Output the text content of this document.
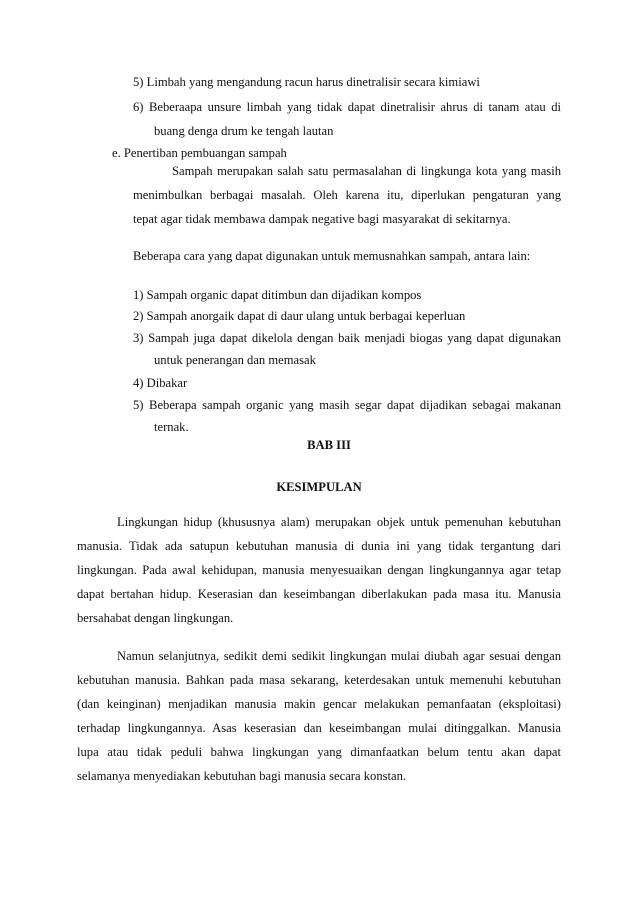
5) Limbah yang mengandung racun harus dinetralisir secara kimiawi
6) Beberaapa unsure limbah yang tidak dapat dinetralisir ahrus di tanam atau di
buang denga drum ke tengah lautan
e. Penertiban pembuangan sampah
Sampah merupakan salah satu permasalahan di lingkunga kota yang masih
menimbulkan berbagai masalah. Oleh karena itu, diperlukan pengaturan yang
tepat agar tidak membawa dampak negative bagi masyarakat di sekitarnya.
Beberapa cara yang dapat digunakan untuk memusnahkan sampah, antara lain:
1) Sampah organic dapat ditimbun dan dijadikan kompos
2) Sampah anorgaik dapat di daur ulang untuk berbagai keperluan
3) Sampah juga dapat dikelola dengan baik menjadi biogas yang dapat digunakan
untuk penerangan dan memasak
4) Dibakar
5) Beberapa sampah organic yang masih segar dapat dijadikan sebagai makanan
ternak.
BAB III
KESIMPULAN
Lingkungan hidup (khususnya alam) merupakan objek untuk pemenuhan kebutuhan
manusia. Tidak ada satupun kebutuhan manusia di dunia ini yang tidak tergantung dari
lingkungan. Pada awal kehidupan, manusia menyesuaikan dengan lingkungannya agar tetap
dapat bertahan hidup. Keserasian dan keseimbangan diberlakukan pada masa itu. Manusia
bersahabat dengan lingkungan.
Namun selanjutnya, sedikit demi sedikit lingkungan mulai diubah agar sesuai dengan
kebutuhan manusia. Bahkan pada masa sekarang, keterdesakan untuk memenuhi kebutuhan
(dan keinginan) menjadikan manusia makin gencar melakukan pemanfaatan (eksploitasi)
terhadap lingkungannya. Asas keserasian dan keseimbangan mulai ditinggalkan. Manusia
lupa atau tidak peduli bahwa lingkungan yang dimanfaatkan belum tentu akan dapat
selamanya menyediakan kebutuhan bagi manusia secara konstan.
